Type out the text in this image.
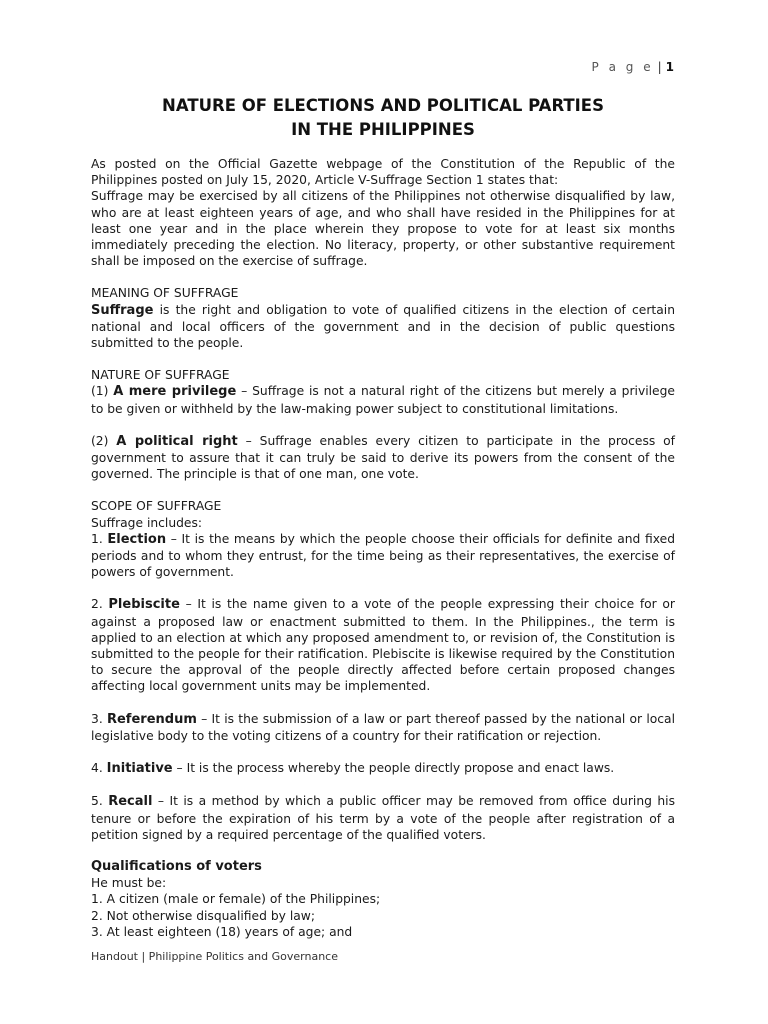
P a g e | 1
NATURE OF ELECTIONS AND POLITICAL PARTIES
IN THE PHILIPPINES

As posted on the Official Gazette webpage of the Constitution of the Republic of the Philippines posted on July 15, 2020, Article V-Suffrage Section 1 states that:

Suffrage may be exercised by all citizens of the Philippines not otherwise disqualified by law, who are at least eighteen years of age, and who shall have resided in the Philippines for at least one year and in the place wherein they propose to vote for at least six months immediately preceding the election. No literacy, property, or other substantive requirement shall be imposed on the exercise of suffrage.

MEANING OF SUFFRAGE

Suffrage is the right and obligation to vote of qualified citizens in the election of certain national and local officers of the government and in the decision of public questions submitted to the people.

NATURE OF SUFFRAGE

(1) A mere privilege – Suffrage is not a natural right of the citizens but merely a privilege to be given or withheld by the law-making power subject to constitutional limitations.

(2) A political right – Suffrage enables every citizen to participate in the process of government to assure that it can truly be said to derive its powers from the consent of the governed. The principle is that of one man, one vote.

SCOPE OF SUFFRAGE

Suffrage includes:

1. Election – It is the means by which the people choose their officials for definite and fixed periods and to whom they entrust, for the time being as their representatives, the exercise of powers of government.

2. Plebiscite – It is the name given to a vote of the people expressing their choice for or against a proposed law or enactment submitted to them. In the Philippines., the term is applied to an election at which any proposed amendment to, or revision of, the Constitution is submitted to the people for their ratification. Plebiscite is likewise required by the Constitution to secure the approval of the people directly affected before certain proposed changes affecting local government units may be implemented.

3. Referendum – It is the submission of a law or part thereof passed by the national or local legislative body to the voting citizens of a country for their ratification or rejection.

4. Initiative – It is the process whereby the people directly propose and enact laws.

5. Recall – It is a method by which a public officer may be removed from office during his tenure or before the expiration of his term by a vote of the people after registration of a petition signed by a required percentage of the qualified voters.

Qualifications of voters

He must be:

1. A citizen (male or female) of the Philippines;

2. Not otherwise disqualified by law;

3. At least eighteen (18) years of age; and

Handout | Philippine Politics and Governance
